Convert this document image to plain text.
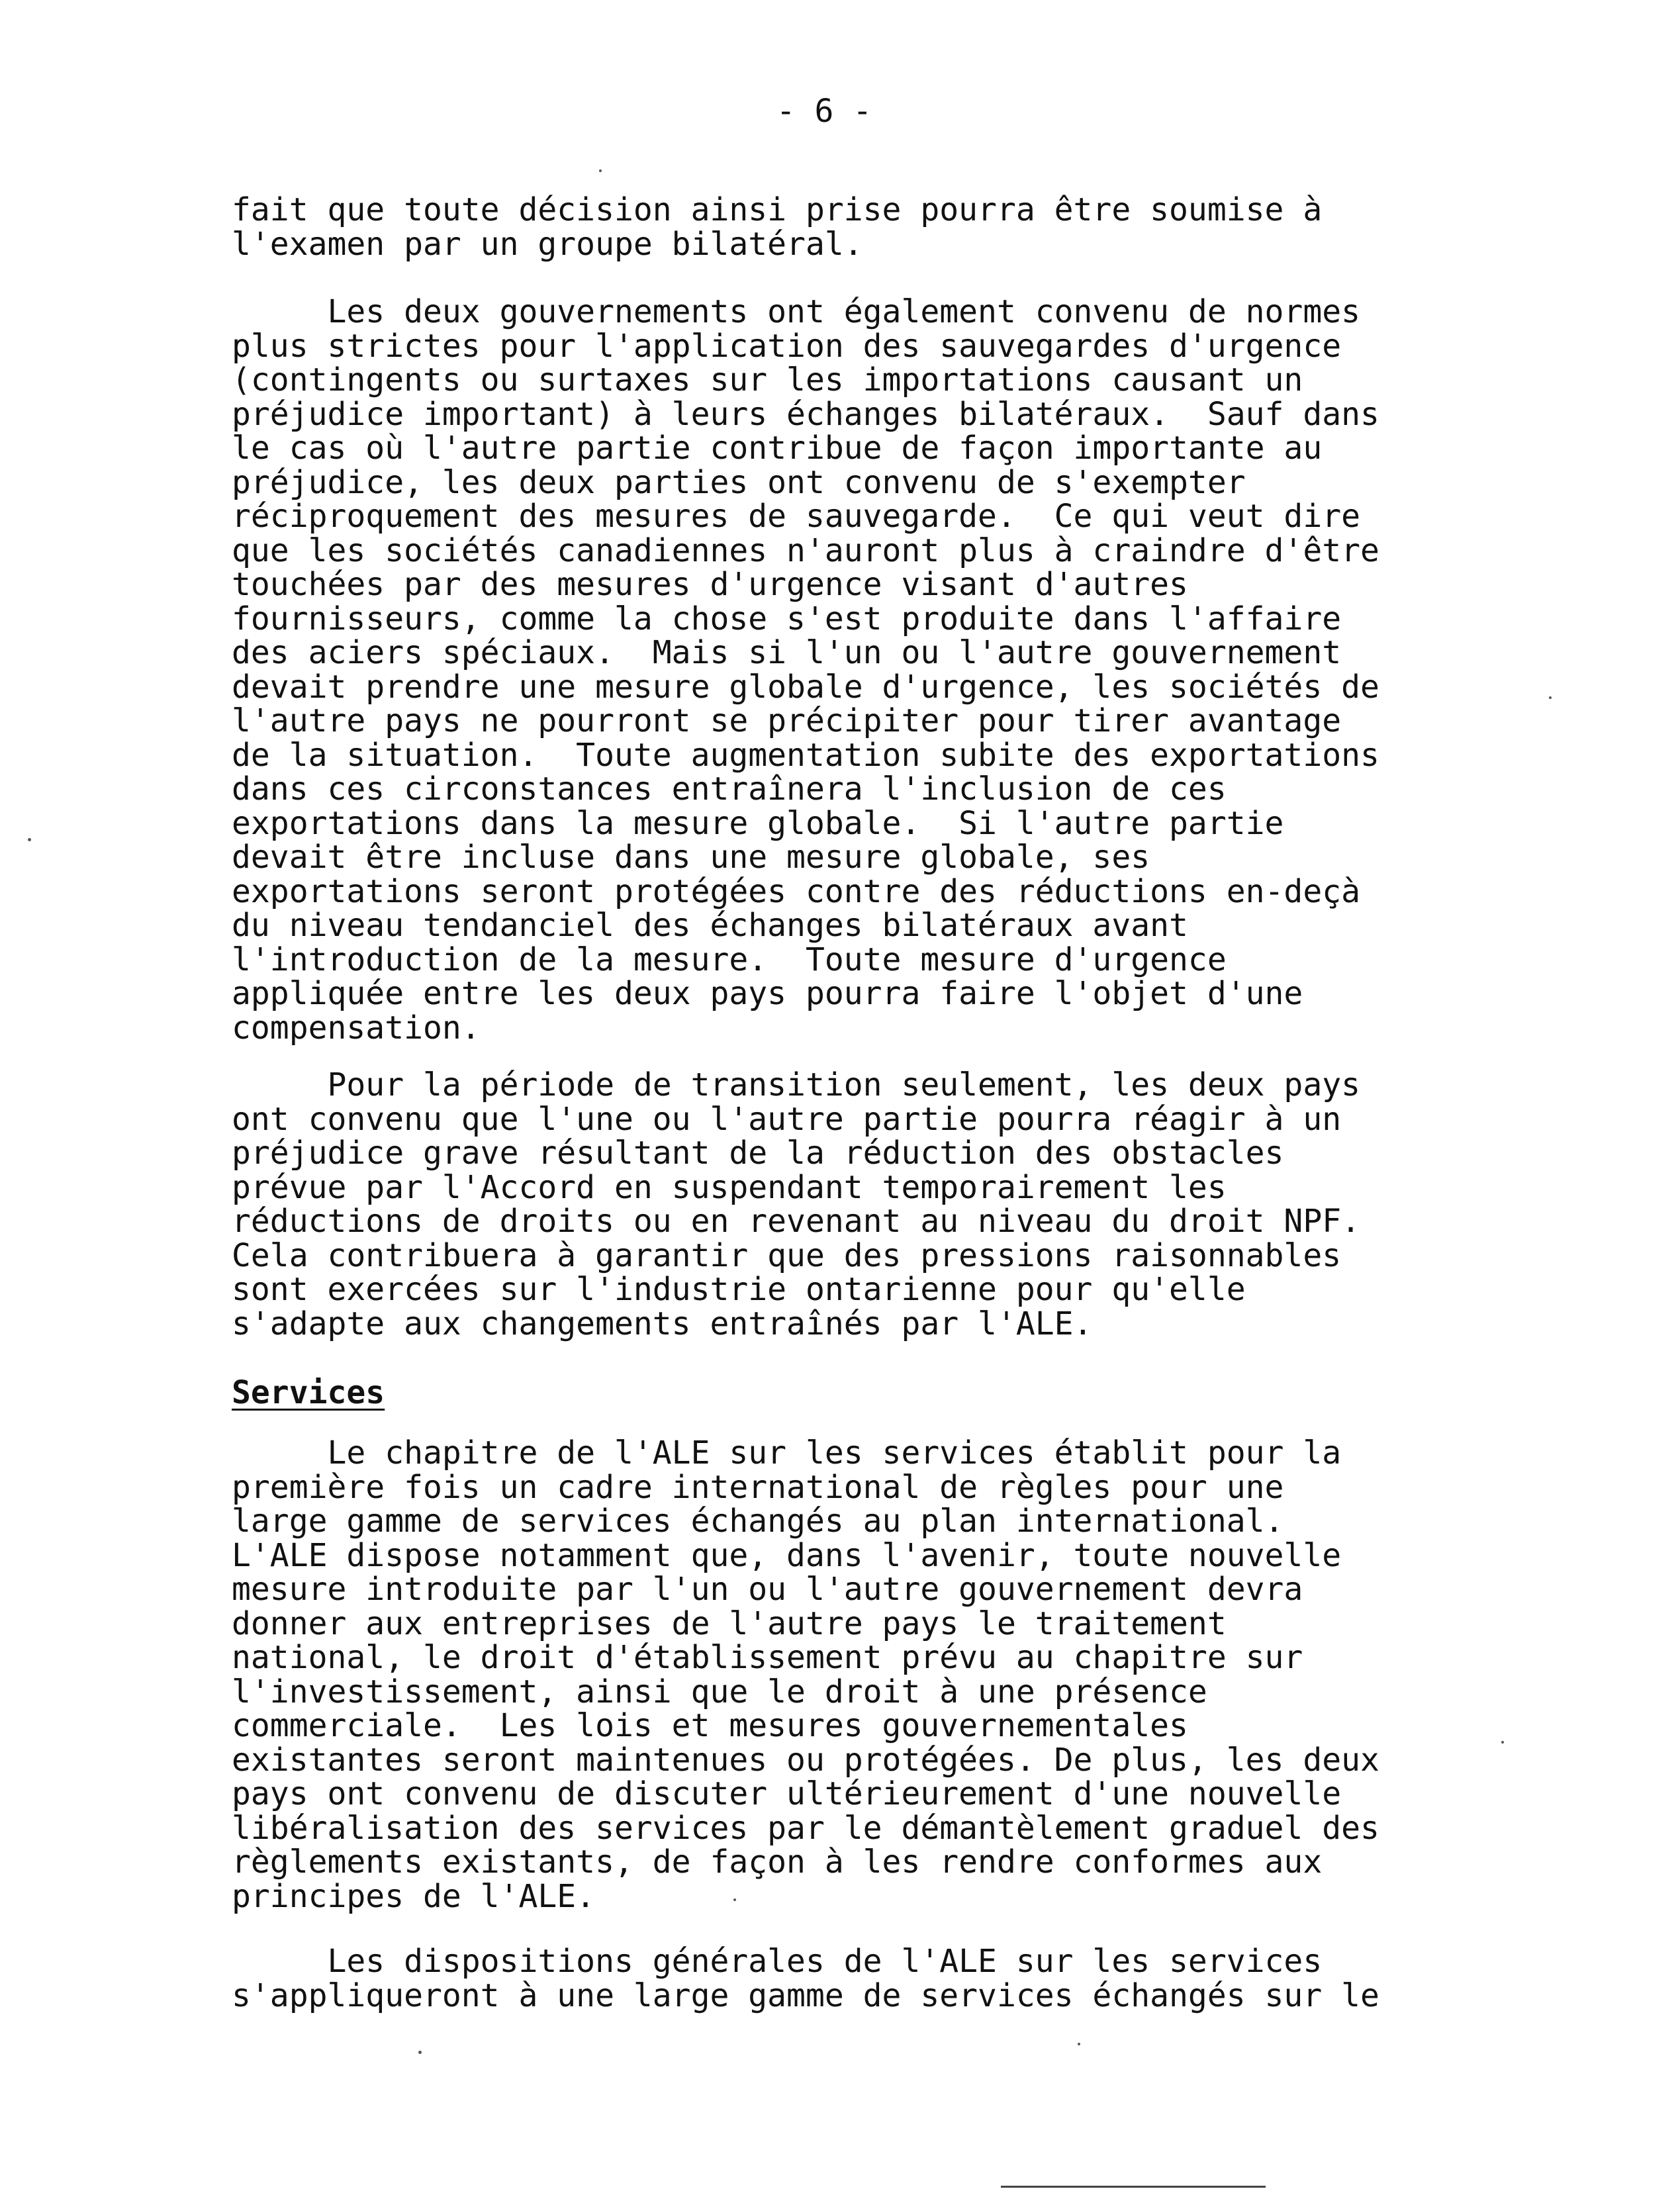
- 6 -

fait que toute décision ainsi prise pourra être soumise à
l'examen par un groupe bilatéral.

Les deux gouvernements ont également convenu de normes
plus strictes pour l'application des sauvegardes d'urgence
(contingents ou surtaxes sur les importations causant un
préjudice important) à leurs échanges bilatéraux.  Sauf dans
le cas où l'autre partie contribue de façon importante au
préjudice, les deux parties ont convenu de s'exempter
réciproquement des mesures de sauvegarde.  Ce qui veut dire
que les sociétés canadiennes n'auront plus à craindre d'être
touchées par des mesures d'urgence visant d'autres
fournisseurs, comme la chose s'est produite dans l'affaire
des aciers spéciaux.  Mais si l'un ou l'autre gouvernement
devait prendre une mesure globale d'urgence, les sociétés de
l'autre pays ne pourront se précipiter pour tirer avantage
de la situation.  Toute augmentation subite des exportations
dans ces circonstances entraînera l'inclusion de ces
exportations dans la mesure globale.  Si l'autre partie
devait être incluse dans une mesure globale, ses
exportations seront protégées contre des réductions en-deçà
du niveau tendanciel des échanges bilatéraux avant
l'introduction de la mesure.  Toute mesure d'urgence
appliquée entre les deux pays pourra faire l'objet d'une
compensation.

Pour la période de transition seulement, les deux pays
ont convenu que l'une ou l'autre partie pourra réagir à un
préjudice grave résultant de la réduction des obstacles
prévue par l'Accord en suspendant temporairement les
réductions de droits ou en revenant au niveau du droit NPF.
Cela contribuera à garantir que des pressions raisonnables
sont exercées sur l'industrie ontarienne pour qu'elle
s'adapte aux changements entraînés par l'ALE.

Services

Le chapitre de l'ALE sur les services établit pour la
première fois un cadre international de règles pour une
large gamme de services échangés au plan international.
L'ALE dispose notamment que, dans l'avenir, toute nouvelle
mesure introduite par l'un ou l'autre gouvernement devra
donner aux entreprises de l'autre pays le traitement
national, le droit d'établissement prévu au chapitre sur
l'investissement, ainsi que le droit à une présence
commerciale.  Les lois et mesures gouvernementales
existantes seront maintenues ou protégées. De plus, les deux
pays ont convenu de discuter ultérieurement d'une nouvelle
libéralisation des services par le démantèlement graduel des
règlements existants, de façon à les rendre conformes aux
principes de l'ALE.

Les dispositions générales de l'ALE sur les services
s'appliqueront à une large gamme de services échangés sur le
